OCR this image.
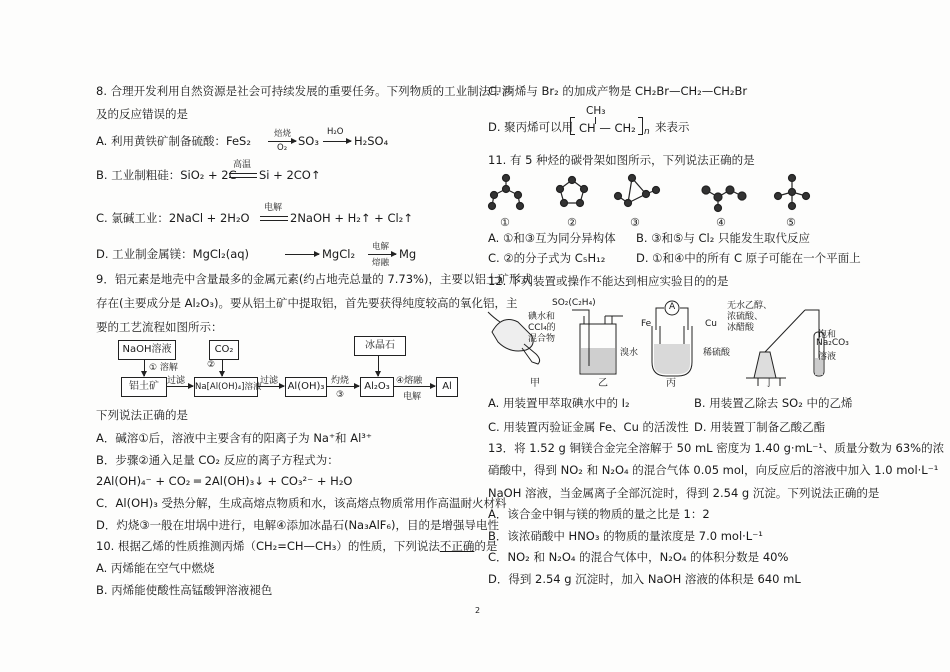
8. 合理开发利用自然资源是社会可持续发展的重要任务。下列物质的工业制法中涉
及的反应错误的是
A. 利用黄铁矿制备硫酸：FeS₂	焙烧
O₂ SO₃
H₂O
H₂SO₄
B. 工业制粗硅：SiO₂ + 2C
高温
Si + 2CO↑
C. 氯碱工业：2NaCl + 2H₂O
电解
2NaOH + H₂↑ + Cl₂↑
D. 工业制金属镁：MgCl₂(aq)	MgCl₂ 电解
熔融
Mg
9．铝元素是地壳中含量最多的金属元素(约占地壳总量的 7.73%)，主要以铝土矿形式
存在(主要成分是 Al₂O₃)。要从铝土矿中提取铝，首先要获得纯度较高的氧化铝，主
要的工艺流程如图所示：
NaOH溶液	CO₂	冰晶石
① 溶解	②
铝土矿 过滤
Na[Al(OH)₄]溶液
过滤 Al(OH)₃ 灼烧
③
Al₂O₃ ④熔融
电解
Al
下列说法正确的是
A．碱溶①后，溶液中主要含有的阳离子为 Na⁺和 Al³⁺
B．步骤②通入足量 CO₂ 反应的离子方程式为：
2Al(OH)₄⁻ + CO₂ ═ 2Al(OH)₃↓ + CO₃²⁻ + H₂O
C．Al(OH)₃ 受热分解，生成高熔点物质和水，该高熔点物质常用作高温耐火材料
D．灼烧③一般在坩埚中进行，电解④添加冰晶石(Na₃AlF₆)，目的是增强导电性
10. 根据乙烯的性质推测丙烯（CH₂=CH—CH₃）的性质，下列说法不正确的是
A. 丙烯能在空气中燃烧
B. 丙烯能使酸性高锰酸钾溶液褪色
C. 丙烯与 Br₂ 的加成产物是 CH₂Br—CH₂—CH₂Br
D. 聚丙烯可以用
CH₃
CH — CH₂ n 来表示
11. 有 5 种烃的碳骨架如图所示，下列说法正确的是
①	②	③	④	⑤
A. ①和③互为同分异构体 B. ③和⑤与 Cl₂ 只能发生取代反应
C. ②的分子式为 C₅H₁₂	D. ①和④中的所有 C 原子可能在一个平面上
12. 下列装置或操作不能达到相应实验目的的是
碘水和
CCl₄的
混合物
SO₂(C₂H₄)
溴水
Fe	Cu
A
稀硫酸
无水乙醇、
浓硫酸、
冰醋酸
饱和
Na₂CO₃
溶液
甲	乙	丙	丁
A. 用装置甲萃取碘水中的 I₂	B. 用装置乙除去 SO₂ 中的乙烯
C. 用装置丙验证金属 Fe、Cu 的活泼性 D. 用装置丁制备乙酸乙酯
13．将 1.52 g 铜镁合金完全溶解于 50 mL 密度为 1.40 g·mL⁻¹、质量分数为 63%的浓
硝酸中，得到 NO₂ 和 N₂O₄ 的混合气体 0.05 mol，向反应后的溶液中加入 1.0 mol·L⁻¹
NaOH 溶液，当金属离子全部沉淀时，得到 2.54 g 沉淀。下列说法正确的是
A．该合金中铜与镁的物质的量之比是 1：2
B．该浓硝酸中 HNO₃ 的物质的量浓度是 7.0 mol·L⁻¹
C．NO₂ 和 N₂O₄ 的混合气体中，N₂O₄ 的体积分数是 40%
D．得到 2.54 g 沉淀时，加入 NaOH 溶液的体积是 640 mL
2
